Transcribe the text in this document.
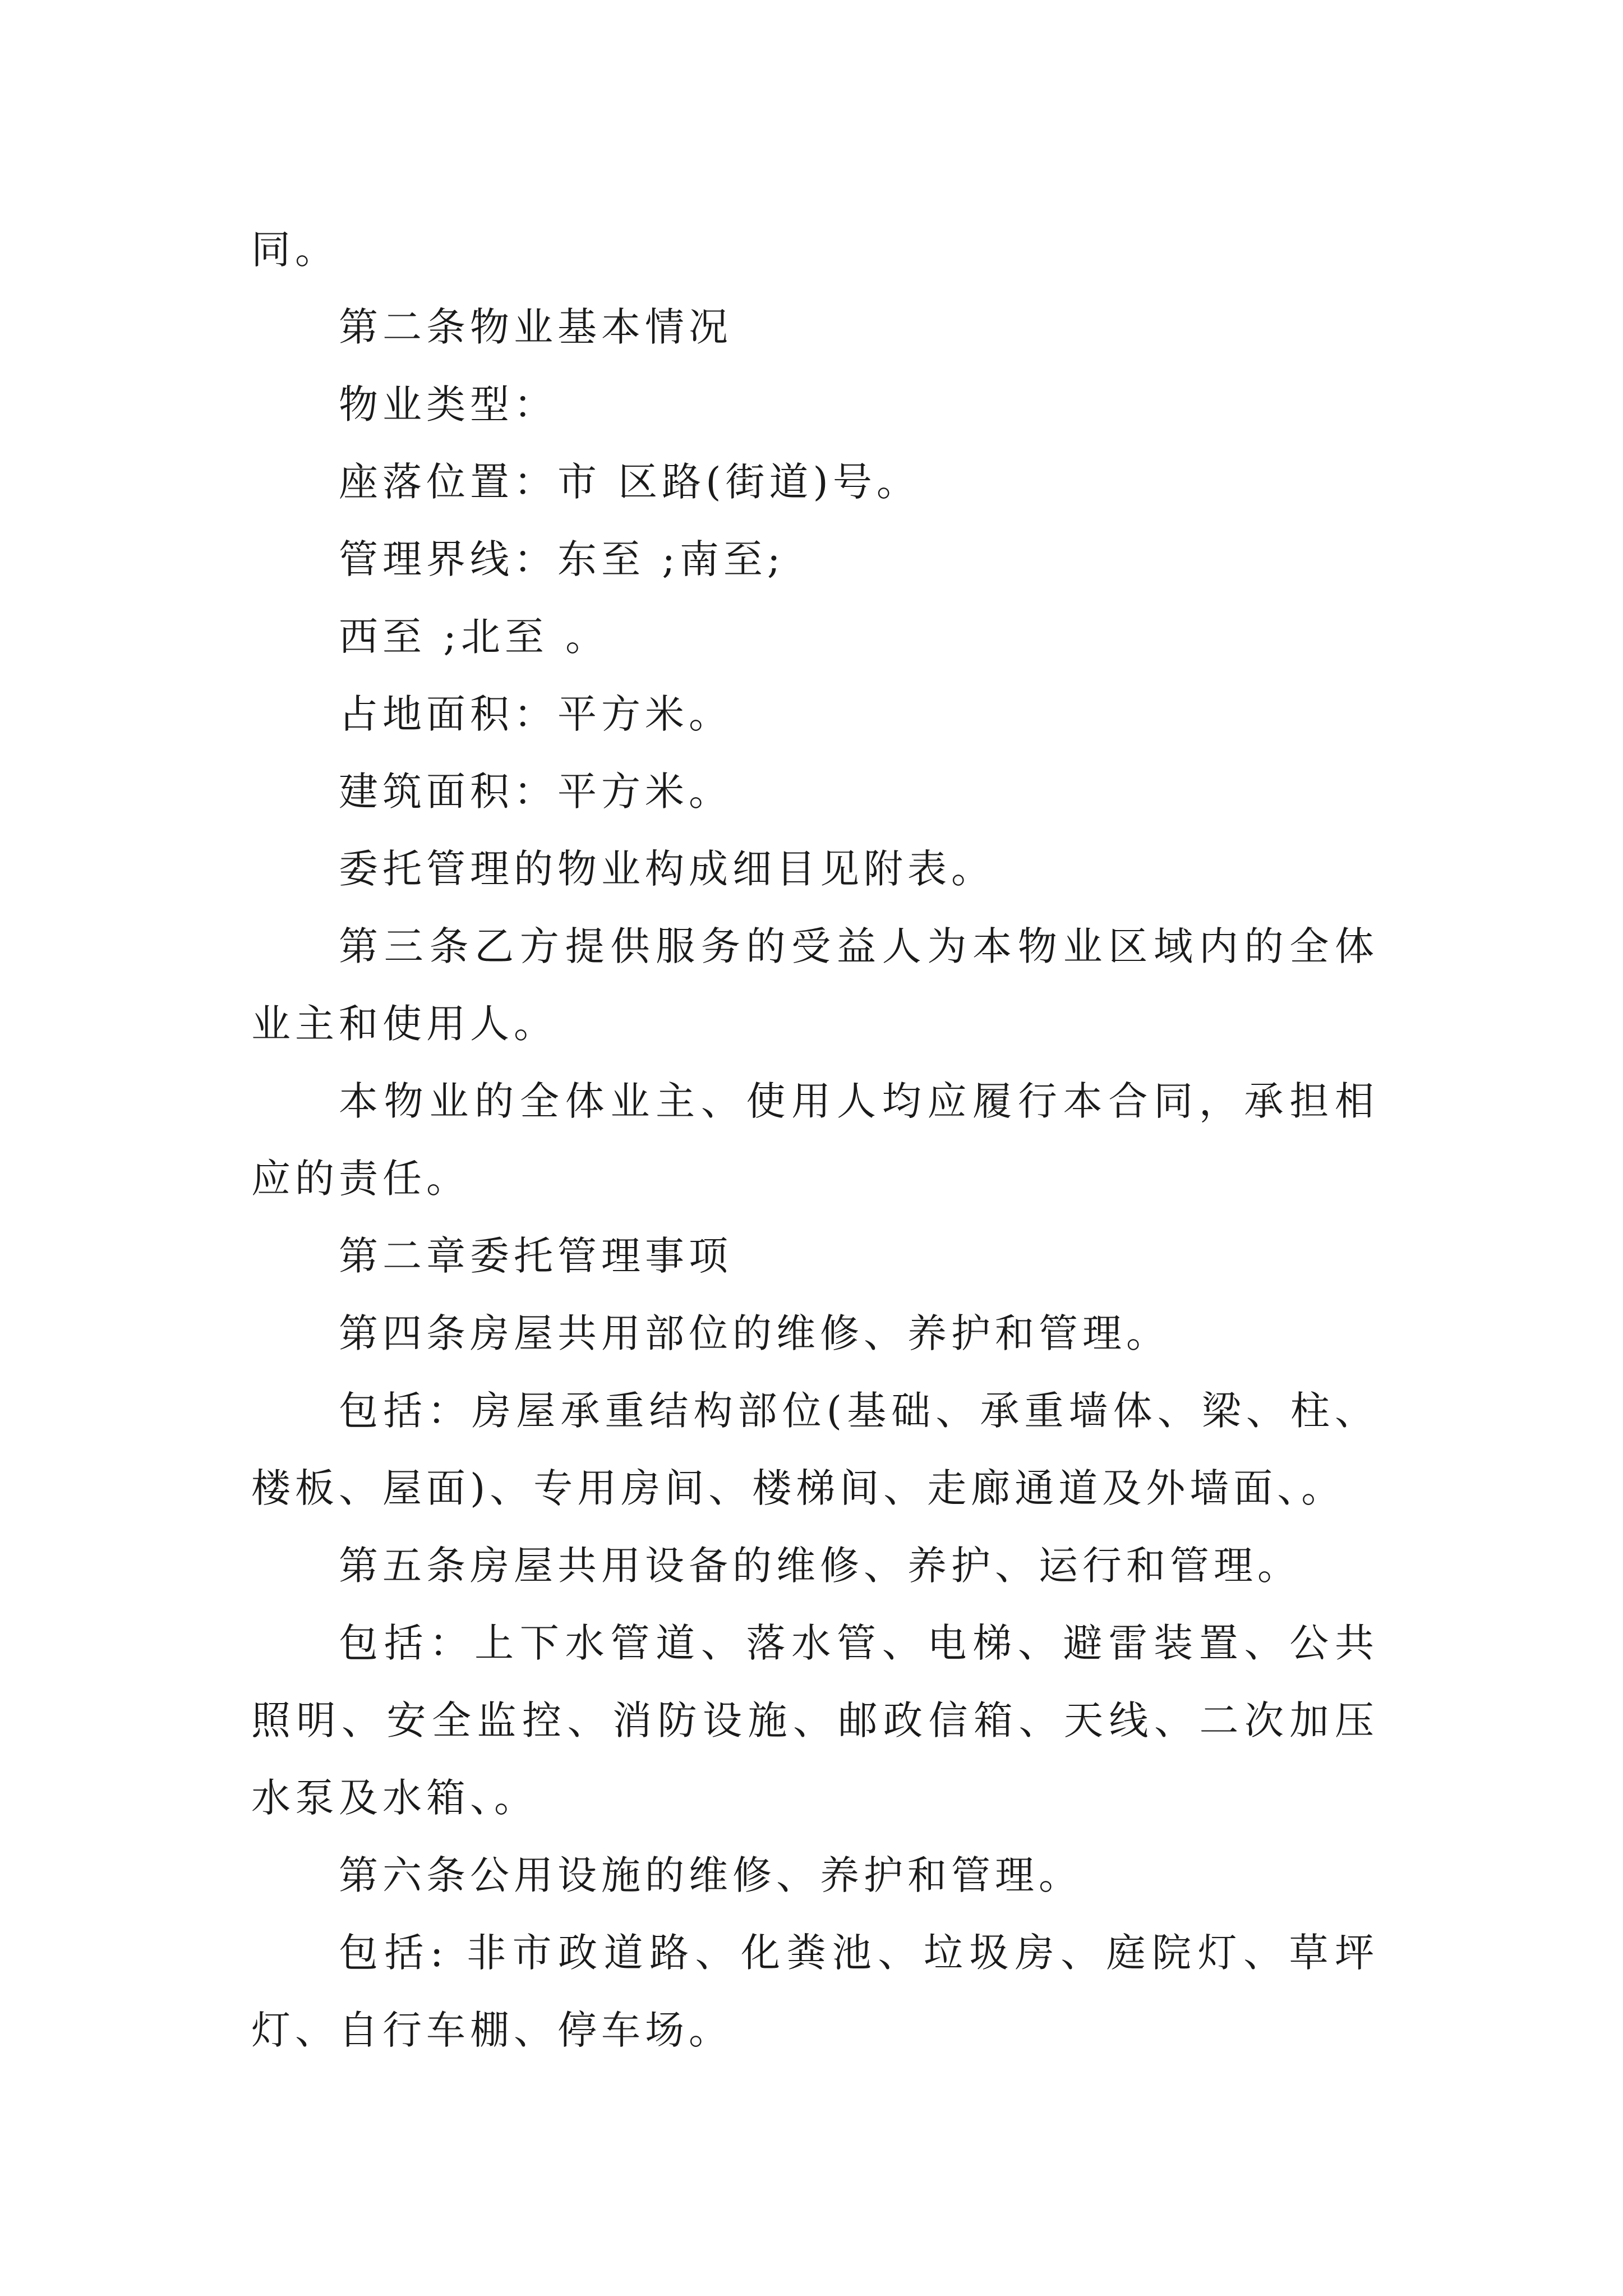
同。

第二条物业基本情况

物业类型：

座落位置：市 区路(街道)号。

管理界线：东至 ;南至;

西至 ;北至 。

占地面积：平方米。

建筑面积：平方米。

委托管理的物业构成细目见附表。

第三条乙方提供服务的受益人为本物业区域内的全体业主和使用人。

本物业的全体业主、使用人均应履行本合同，承担相应的责任。

第二章委托管理事项

第四条房屋共用部位的维修、养护和管理。

包括：房屋承重结构部位(基础、承重墙体、梁、柱、楼板、屋面)、专用房间、楼梯间、走廊通道及外墙面、。

第五条房屋共用设备的维修、养护、运行和管理。

包括：上下水管道、落水管、电梯、避雷装置、公共照明、安全监控、消防设施、邮政信箱、天线、二次加压水泵及水箱、。

第六条公用设施的维修、养护和管理。

包括: 非市政道路、化粪池、垃圾房、庭院灯、草坪灯、自行车棚、停车场。
